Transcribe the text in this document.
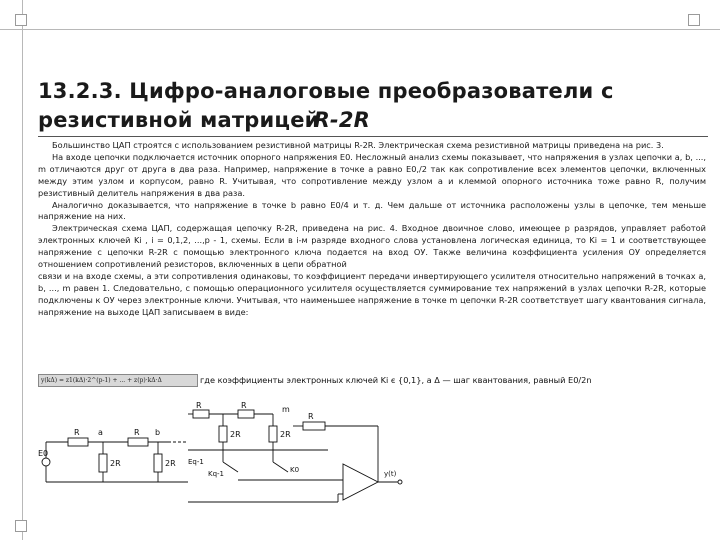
13.2.3. Цифро-аналоговые преобразователи с
резистивной матрицейR-2R

Большинство ЦАП строятся с использованием резистивной матрицы R-2R. Электрическая схема резистивной матрицы приведена на рис. 3.

На входе цепочки подключается источник опорного напряжения E0. Несложный анализ схемы показывает, что напряжения в узлах цепочки a, b, ..., m отличаются друг от друга в два раза. Например, напряжение в точке a равно E0,/2 так как сопротивление всех элементов цепочки, включенных между этим узлом и корпусом, равно R. Учитывая, что сопротивление между узлом a и клеммой опорного источника тоже равно R, получим резистивный делитель напряжения в два раза.

Аналогично доказывается, что напряжение в точке b равно E0/4 и т. д. Чем дальше от источника расположены узлы в цепочке, тем меньше напряжение на них.

Электрическая схема ЦАП, содержащая цепочку R-2R, приведена на рис. 4. Входное двоичное слово, имеющее p разрядов, управляет работой электронных ключей Ki , i = 0,1,2, ...,p - 1, схемы. Если в i-м разряде входного слова установлена логическая единица, то Ki = 1 и соответствующее напряжение с цепочки R-2R с помощью электронного ключа подается на вход ОУ. Также величина коэффициента усиления ОУ определяется отношением сопротивлений резисторов, включенных в цепи обратной

связи и на входе схемы, а эти сопротивления одинаковы, то коэффициент передачи инвертирующего усилителя относительно напряжений в точках a, b, ..., m равен 1. Следовательно, с помощью операционного усилителя осуществляется суммирование тех напряжений в узлах цепочки R-2R, которые подключены к ОУ через электронные ключи. Учитывая, что наименьшее напряжение в точке m цепочки R-2R соответствует шагу квантования сигнала, напряжение на выходе ЦАП записываем в виде:

y(kΔ) = z1(kΔ)·2^(p-1) + ... + z(p)·kΔ·Δ	где коэффициенты электронных ключей Ki є {0,1}, а Δ — шаг квантования, равный E0/2n
E0
R a	R b
2R	2R
R	R
2R	2R
m
R
Eq-1
Kq-1	K0	y(t)
